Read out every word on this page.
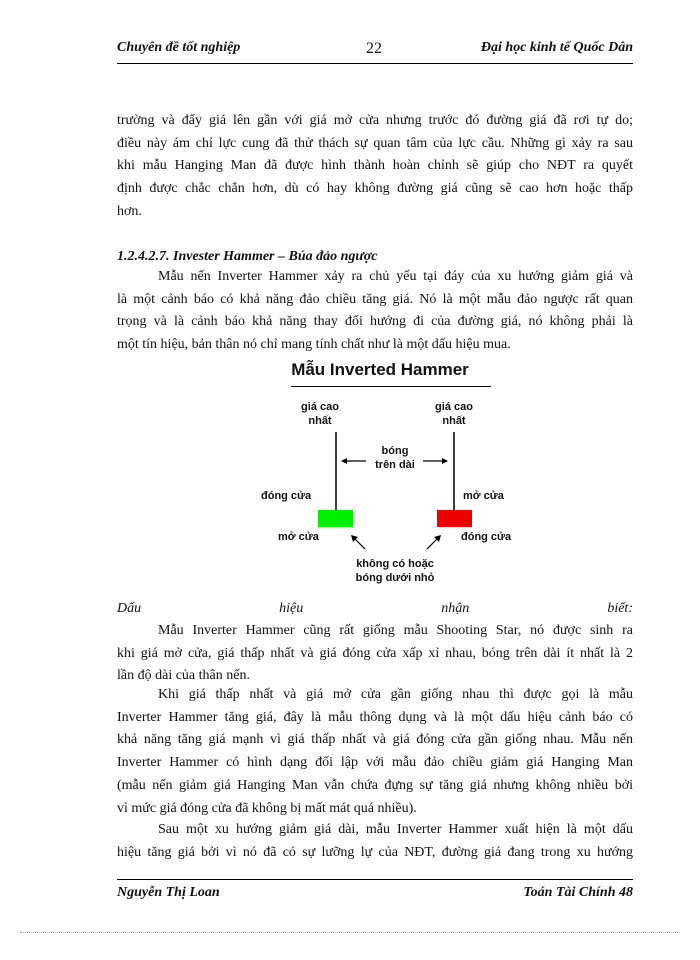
Chuyên đề tốt nghiệp	22	Đại học kinh tế Quốc Dân
trường và đẩy giá lên gần với giá mở cửa nhưng trước đó đường giá đã rơi tự do;
điều này ám chỉ lực cung đã thử thách sự quan tâm của lực cầu. Những gì xảy ra sau
khi mẫu Hanging Man đã được hình thành hoàn chỉnh sẽ giúp cho NĐT ra quyết
định được chắc chắn hơn, dù có hay không đường giá cũng sẽ cao hơn hoặc thấp
hơn.
1.2.4.2.7. Invester Hammer – Búa đảo ngược
Mẫu nến Inverter Hammer xảy ra chủ yếu tại đáy của xu hướng giảm giá và
là một cảnh báo có khả năng đảo chiều tăng giá. Nó là một mẫu đảo ngược rất quan
trọng và là cảnh báo khả năng thay đổi hướng đi của đường giá, nó không phải là
một tín hiệu, bản thân nó chỉ mang tính chất như là một dấu hiệu mua.
Mẫu Inverted Hammer
giá cao
nhất
giá cao
nhất
bóng
trên dài
đóng cửa
mở cửa
mở cửa
đóng cửa
không có hoặc
bóng dưới nhỏ
Dấu	hiệu	nhận	biết:
Mẫu Inverter Hammer cũng rất giống mẫu Shooting Star, nó được sinh ra
khi giá mở cửa, giá thấp nhất và giá đóng cửa xấp xỉ nhau, bóng trên dài ít nhất là 2
lần độ dài của thân nến.
Khi giá thấp nhất và giá mở cửa gần giống nhau thì được gọi là mẫu
Inverter Hammer tăng giá, đây là mẫu thông dụng và là một dấu hiệu cảnh báo có
khả năng tăng giá mạnh vì giá thấp nhất và giá đóng cửa gần giống nhau. Mẫu nến
Inverter Hammer có hình dạng đối lập với mẫu đảo chiều giảm giá Hanging Man
(mẫu nến giảm giá Hanging Man vẫn chứa đựng sự tăng giá nhưng không nhiều bởi
vì mức giá đóng cửa đã không bị mất mát quá nhiều).
Sau một xu hướng giảm giá dài, mẫu Inverter Hammer xuất hiện là một dấu
hiệu tăng giá bởi vì nó đã có sự lưỡng lự của NĐT, đường giá đang trong xu hướng
Nguyễn Thị Loan	Toán Tài Chính 48
